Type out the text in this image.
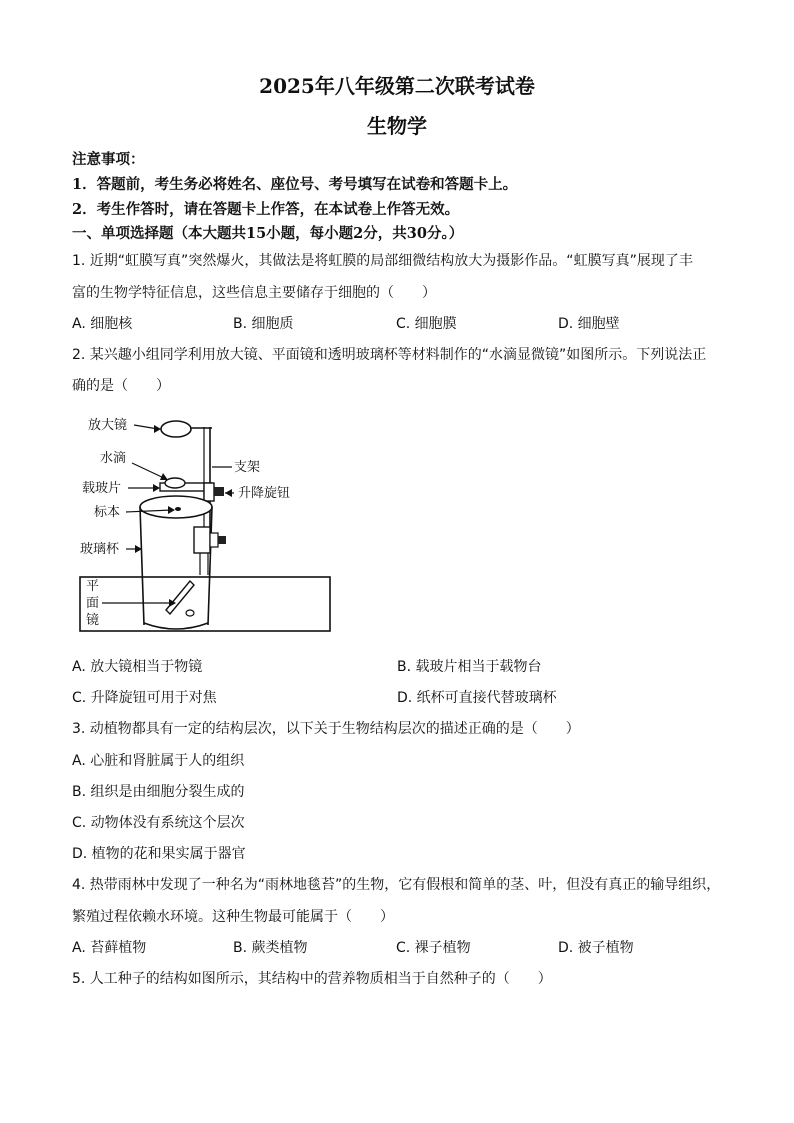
2025年八年级第二次联考试卷
生物学
注意事项：
1．答题前，考生务必将姓名、座位号、考号填写在试卷和答题卡上。
2．考生作答时，请在答题卡上作答，在本试卷上作答无效。
一、单项选择题（本大题共15小题，每小题2分，共30分。）
1. 近期“虹膜写真”突然爆火，其做法是将虹膜的局部细微结构放大为摄影作品。“虹膜写真”展现了丰
富的生物学特征信息，这些信息主要储存于细胞的（　　）
A. 细胞核	B. 细胞质	C. 细胞膜	D. 细胞壁
2. 某兴趣小组同学利用放大镜、平面镜和透明玻璃杯等材料制作的“水滴显微镜”如图所示。下列说法正
确的是（　　）
放大镜
水滴
载玻片
标本
玻璃杯
平
面
镜
支架
升降旋钮
A. 放大镜相当于物镜	B. 载玻片相当于载物台
C. 升降旋钮可用于对焦	D. 纸杯可直接代替玻璃杯
3. 动植物都具有一定的结构层次，以下关于生物结构层次的描述正确的是（　　）
A. 心脏和肾脏属于人的组织
B. 组织是由细胞分裂生成的
C. 动物体没有系统这个层次
D. 植物的花和果实属于器官
4. 热带雨林中发现了一种名为“雨林地毯苔”的生物，它有假根和简单的茎、叶，但没有真正的输导组织，
繁殖过程依赖水环境。这种生物最可能属于（　　）
A. 苔藓植物	B. 蕨类植物	C. 裸子植物	D. 被子植物
5. 人工种子的结构如图所示，其结构中的营养物质相当于自然种子的（　　）
